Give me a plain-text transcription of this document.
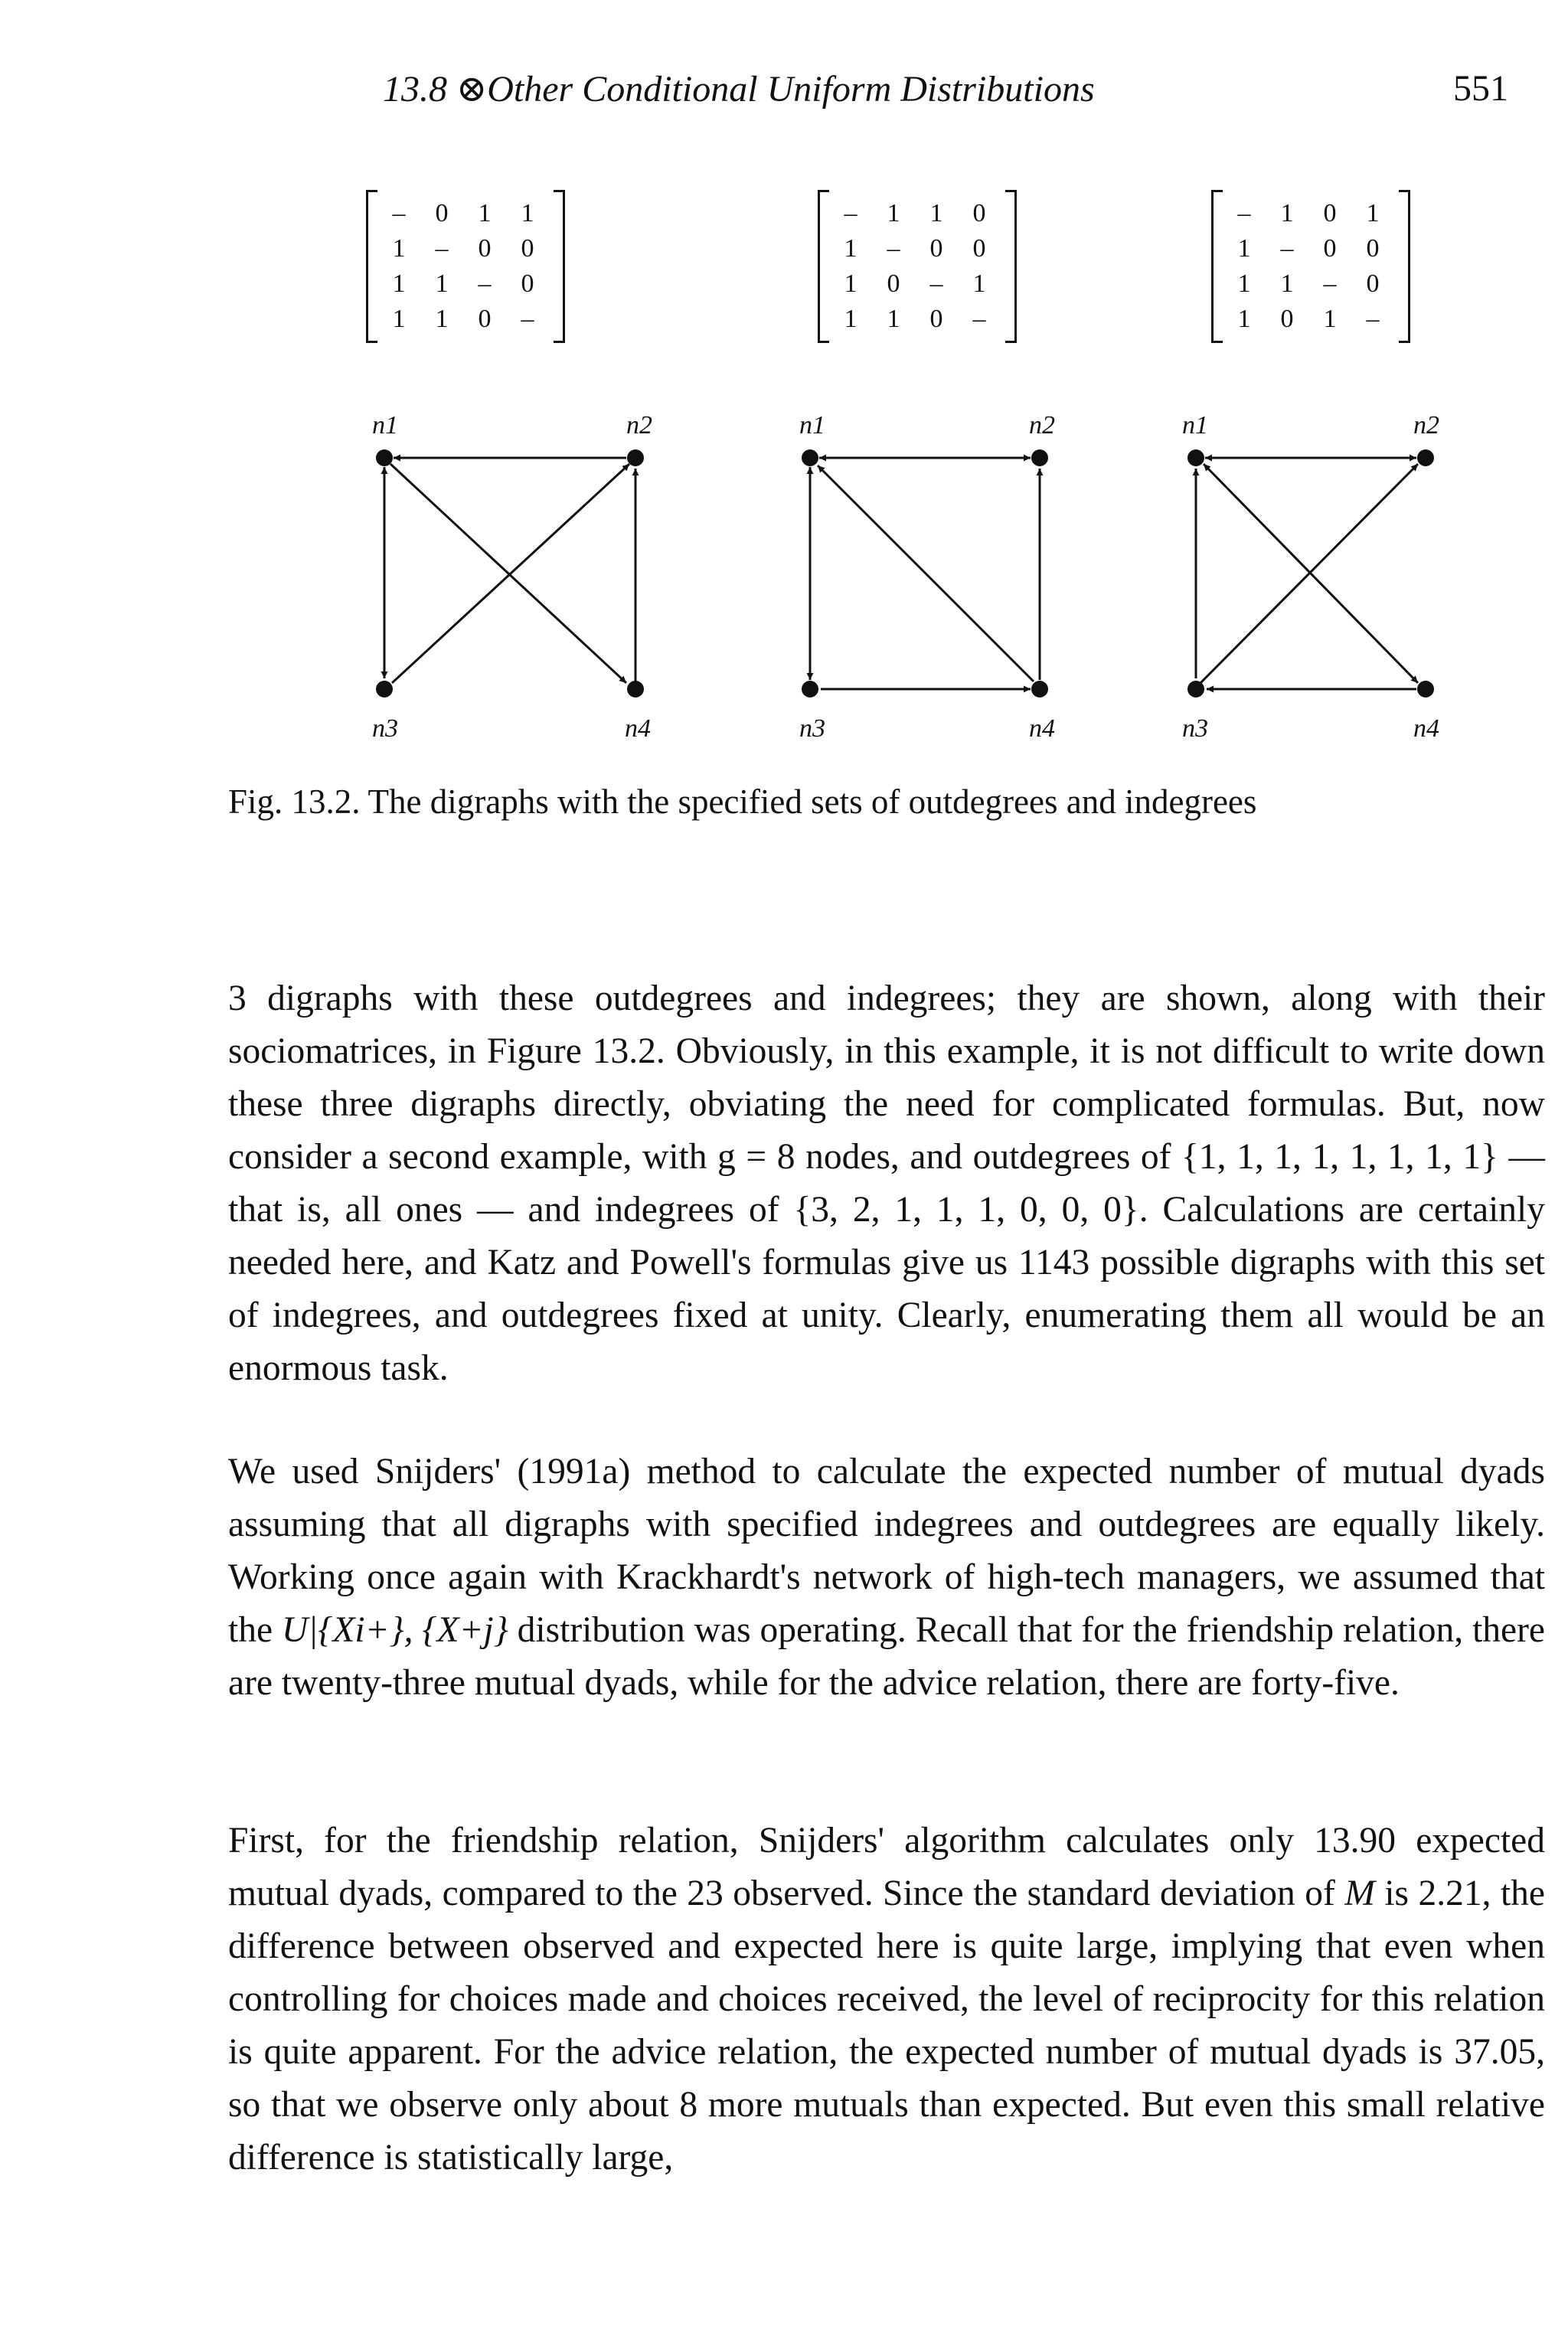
13.8 ⊗Other Conditional Uniform Distributions	551
–	0	1	1
1	–	0	0
1	1	–	0
1	1	0	–
–	1	1	0
1	–	0	0
1	0	–	1
1	1	0	–
–	1	0	1
1	–	0	0
1	1	–	0
1	0	1	–
n1	n2
n3	n4
n1	n2
n3	n4
n1	n2
n3	n4
Fig. 13.2. The digraphs with the specified sets of outdegrees and indegrees

3 digraphs with these outdegrees and indegrees; they are shown, along with their sociomatrices, in Figure 13.2. Obviously, in this example, it is not difficult to write down these three digraphs directly, obviating the need for complicated formulas. But, now consider a second example, with g = 8 nodes, and outdegrees of {1, 1, 1, 1, 1, 1, 1, 1} — that is, all ones — and indegrees of {3, 2, 1, 1, 1, 0, 0, 0}. Calculations are certainly needed here, and Katz and Powell's formulas give us 1143 possible digraphs with this set of indegrees, and outdegrees fixed at unity. Clearly, enumerating them all would be an enormous task.

We used Snijders' (1991a) method to calculate the expected number of mutual dyads assuming that all digraphs with specified indegrees and outdegrees are equally likely. Working once again with Krackhardt's network of high-tech managers, we assumed that the U|{Xi+}, {X+j} distribution was operating. Recall that for the friendship relation, there are twenty-three mutual dyads, while for the advice relation, there are forty-five.

First, for the friendship relation, Snijders' algorithm calculates only 13.90 expected mutual dyads, compared to the 23 observed. Since the standard deviation of M is 2.21, the difference between observed and expected here is quite large, implying that even when controlling for choices made and choices received, the level of reciprocity for this relation is quite apparent. For the advice relation, the expected number of mutual dyads is 37.05, so that we observe only about 8 more mutuals than expected. But even this small relative difference is statistically large,
